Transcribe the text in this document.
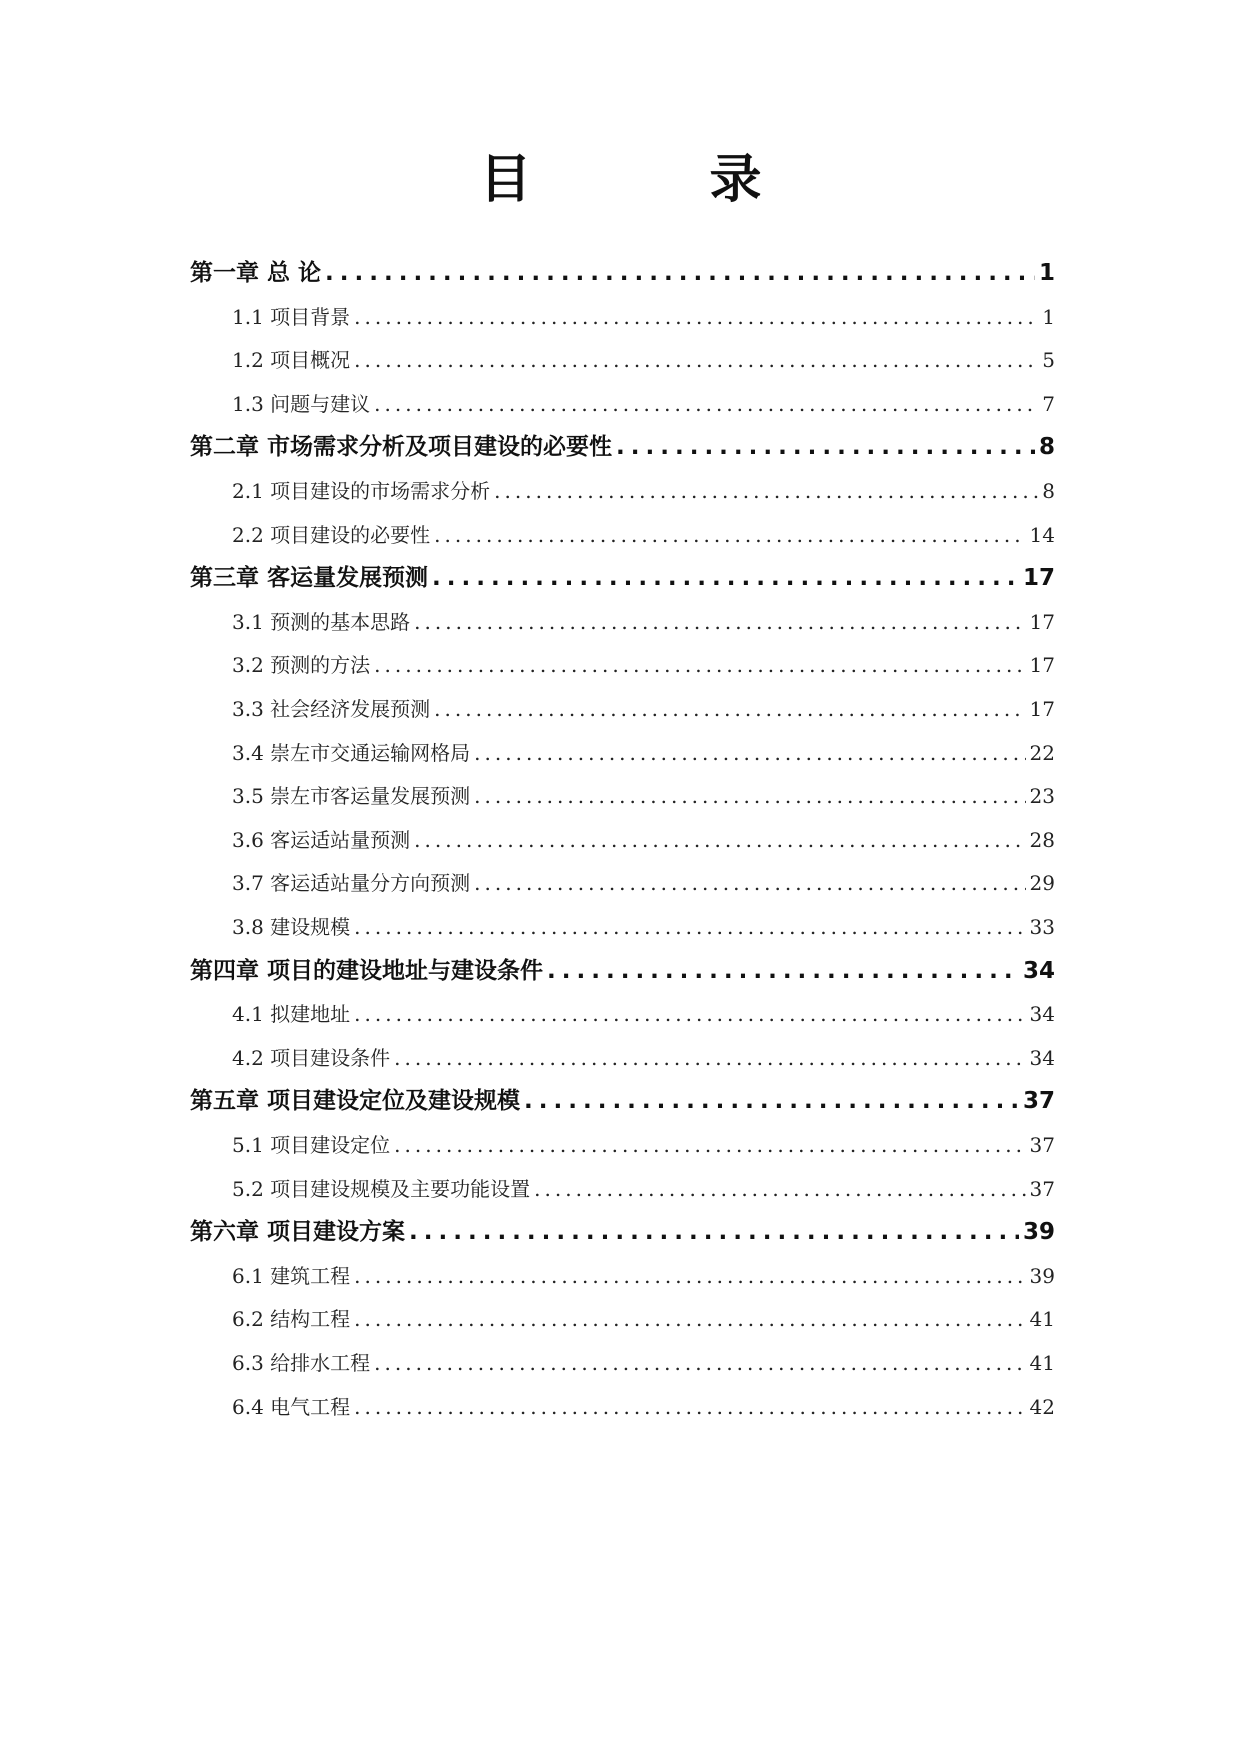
目 录
第一章 总 论 .....	1
1.1 项目背景 .....	1
1.2 项目概况 .....	5
1.3 问题与建议 .....	7
第二章 市场需求分析及项目建设的必要性 .....	8
2.1 项目建设的市场需求分析 .....	8
2.2 项目建设的必要性 .....	14
第三章 客运量发展预测 .....	17
3.1 预测的基本思路 .....	17
3.2 预测的方法 .....	17
3.3 社会经济发展预测 .....	17
3.4 崇左市交通运输网格局 .....	22
3.5 崇左市客运量发展预测 .....	23
3.6 客运适站量预测 .....	28
3.7 客运适站量分方向预测 .....	29
3.8 建设规模 .....	33
第四章 项目的建设地址与建设条件 .....	34
4.1 拟建地址 .....	34
4.2 项目建设条件 .....	34
第五章 项目建设定位及建设规模 .....	37
5.1 项目建设定位 .....	37
5.2 项目建设规模及主要功能设置 .....	37
第六章 项目建设方案 .....	39
6.1 建筑工程 .....	39
6.2 结构工程 .....	41
6.3 给排水工程 .....	41
6.4 电气工程 .....	42
